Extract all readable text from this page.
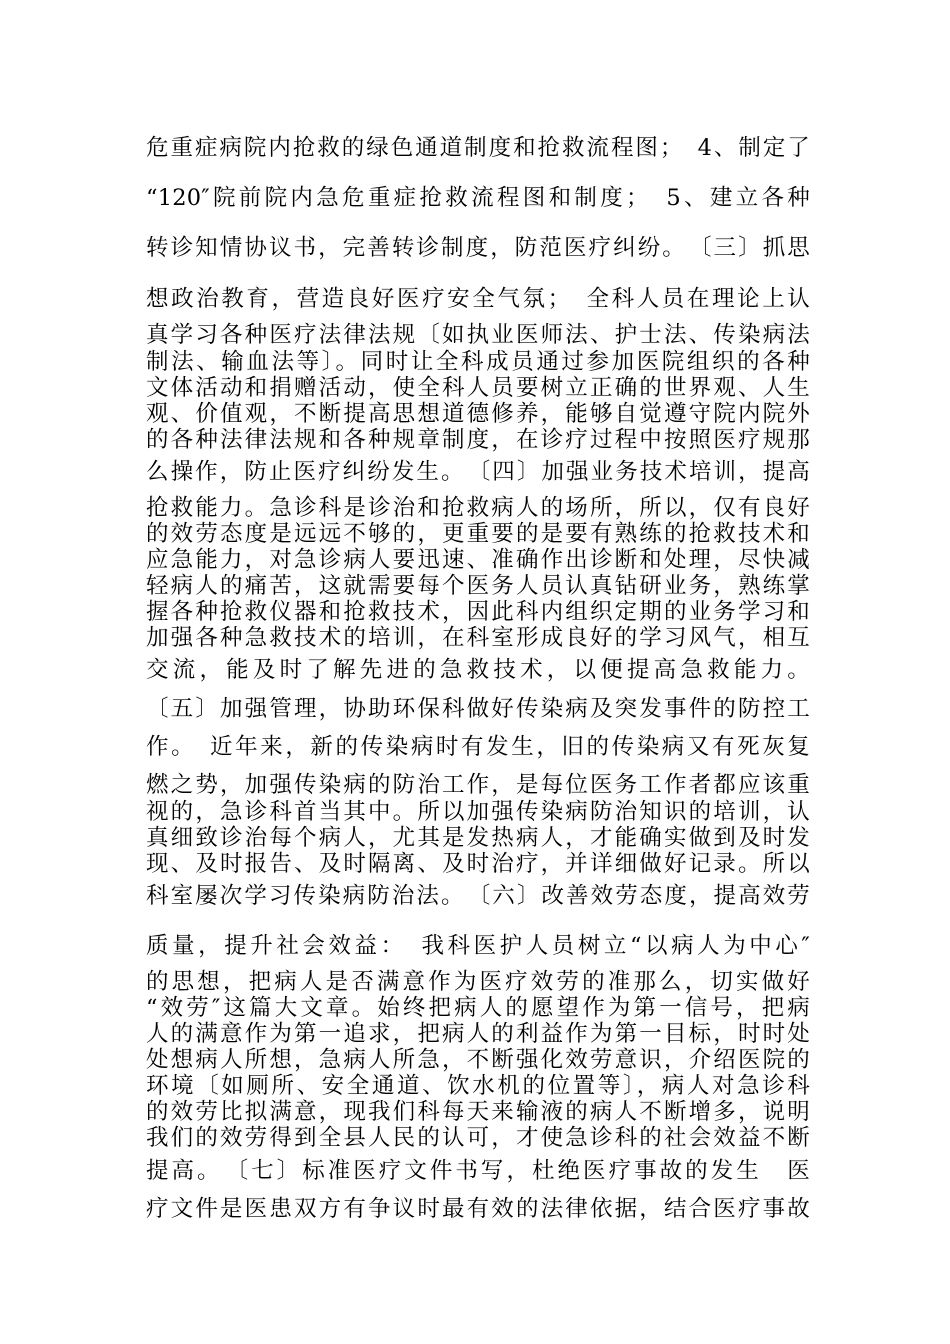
危重症病院内抢救的绿色通道制度和抢救流程图；　4、制定了
“120″院前院内急危重症抢救流程图和制度；　5、建立各种
转诊知情协议书，完善转诊制度，防范医疗纠纷。　〔三〕抓思
想政治教育，营造良好医疗安全气氛；　全科人员在理论上认
真学习各种医疗法律法规〔如执业医师法、护士法、传染病法
制法、输血法等〕。同时让全科成员通过参加医院组织的各种
文体活动和捐赠活动，使全科人员要树立正确的世界观、人生
观、价值观，不断提高思想道德修养，能够自觉遵守院内院外
的各种法律法规和各种规章制度，在诊疗过程中按照医疗规那
么操作，防止医疗纠纷发生。　〔四〕加强业务技术培训，提高
抢救能力。急诊科是诊治和抢救病人的场所，所以，仅有良好
的效劳态度是远远不够的，更重要的是要有熟练的抢救技术和
应急能力，对急诊病人要迅速、准确作出诊断和处理，尽快减
轻病人的痛苦，这就需要每个医务人员认真钻研业务，熟练掌
握各种抢救仪器和抢救技术，因此科内组织定期的业务学习和
加强各种急救技术的培训，在科室形成良好的学习风气，相互
交流，能及时了解先进的急救技术，以便提高急救能力。
〔五〕加强管理，协助环保科做好传染病及突发事件的防控工
作。　近年来，新的传染病时有发生，旧的传染病又有死灰复
燃之势，加强传染病的防治工作，是每位医务工作者都应该重
视的，急诊科首当其中。所以加强传染病防治知识的培训，认
真细致诊治每个病人，尤其是发热病人，才能确实做到及时发
现、及时报告、及时隔离、及时治疗，并详细做好记录。所以
科室屡次学习传染病防治法。　〔六〕改善效劳态度，提高效劳
质量，提升社会效益：　我科医护人员树立“以病人为中心″
的思想，把病人是否满意作为医疗效劳的准那么，切实做好
“效劳″这篇大文章。始终把病人的愿望作为第一信号，把病
人的满意作为第一追求，把病人的利益作为第一目标，时时处
处想病人所想，急病人所急，不断强化效劳意识，介绍医院的
环境〔如厕所、安全通道、饮水机的位置等〕，病人对急诊科
的效劳比拟满意，现我们科每天来输液的病人不断增多，说明
我们的效劳得到全县人民的认可，才使急诊科的社会效益不断
提高。　〔七〕标准医疗文件书写，杜绝医疗事故的发生　医
疗文件是医患双方有争议时最有效的法律依据，结合医疗事故
